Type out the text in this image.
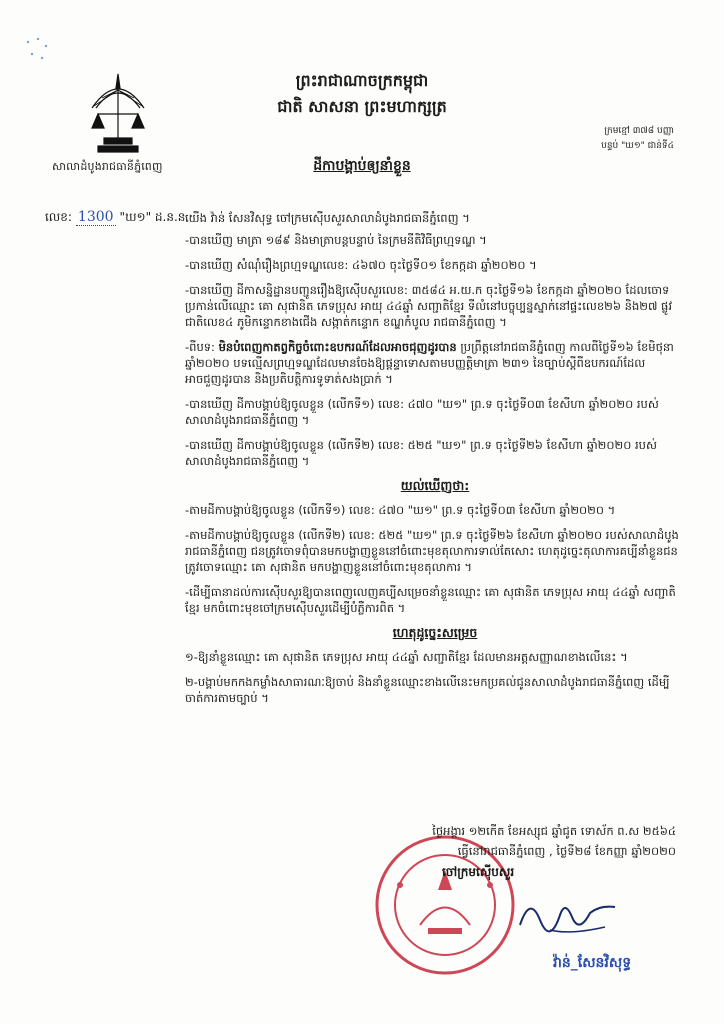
សាលាដំបូងរាជធានីភ្នំពេញ
ព្រះរាជាណាចក្រកម្ពុជា
ជាតិ សាសនា ព្រះមហាក្សត្រ
ក្រមខ្មៅ ៣៧៨ បញ្ញា
បន្ទប់ "ឃ១" ជាន់ទី៤
ដីកាបង្គាប់ឲ្យនាំខ្លួន
លេខ: 1300 "ឃ១" ដ.ន.ន យើង វ៉ាន់ សែនវិសុទ្ធ ចៅក្រមស៊ើបសួរសាលាដំបូងរាជធានីភ្នំពេញ ។

-បានឃើញ មាត្រា ១៨៩ និងមាត្រាបន្តបន្ទាប់ នៃក្រមនីតិវិធីព្រហ្មទណ្ឌ ។

-បានឃើញ សំណុំរឿងព្រហ្មទណ្ឌលេខ: ៤៦៧០ ចុះថ្ងៃទី០១ ខែកក្កដា ឆ្នាំ២០២០ ។

-បានឃើញ ដីកាសន្និដ្ឋានបញ្ជូនរឿងឱ្យស៊ើបសួរលេខ: ៣៥៨៤ អ.យ.ក ចុះថ្ងៃទី១៦ ខែកក្កដា ឆ្នាំ២០២០ ដែលចោទប្រកាន់លើឈ្មោះ គោ សុផានិត ភេទប្រុស អាយុ ៤៤ឆ្នាំ សញ្ជាតិខ្មែរ ទីលំនៅបច្ចុប្បន្នស្នាក់នៅផ្ទះលេខ២៦ និង២៧ ផ្លូវជាតិលេខ៤ ភូមិកន្ទោកខាងជើង សង្កាត់កន្ទោក ខណ្ឌកំបូល រាជធានីភ្នំពេញ ។

-ពីបទ: មិនបំពេញកាតព្វកិច្ចចំពោះឧបករណ៍ដែលអាចជុញដូរបាន ប្រព្រឹត្តនៅរាជធានីភ្នំពេញ កាលពីថ្ងៃទី១៦ ខែមិថុនា ឆ្នាំ២០២០ បទល្មើសព្រហ្មទណ្ឌដែលមានចែងឱ្យផ្តន្ទាទោសតាមបញ្ញត្តិមាត្រា ២៣១ នៃច្បាប់ស្តីពីឧបករណ៍ដែលអាចជួញដូរបាន និងប្រតិបត្តិការទូទាត់សងប្រាក់ ។

-បានឃើញ ដីកាបង្គាប់ឱ្យចូលខ្លួន (លើកទី១) លេខ: ៤៧០ "ឃ១" ព្រ.ទ ចុះថ្ងៃទី០៣ ខែសីហា ឆ្នាំ២០២០ របស់សាលាដំបូងរាជធានីភ្នំពេញ ។

-បានឃើញ ដីកាបង្គាប់ឱ្យចូលខ្លួន (លើកទី២) លេខ: ៥២៥ "ឃ១" ព្រ.ទ ចុះថ្ងៃទី២៦ ខែសីហា ឆ្នាំ២០២០ របស់សាលាដំបូងរាជធានីភ្នំពេញ ។

យល់ឃើញថា:

-តាមដីកាបង្គាប់ឱ្យចូលខ្លួន (លើកទី១) លេខ: ៤៧០ "ឃ១" ព្រ.ទ ចុះថ្ងៃទី០៣ ខែសីហា ឆ្នាំ២០២០ ។

-តាមដីកាបង្គាប់ឱ្យចូលខ្លួន (លើកទី២) លេខ: ៥២៥ "ឃ១" ព្រ.ទ ចុះថ្ងៃទី២៦ ខែសីហា ឆ្នាំ២០២០ របស់សាលាដំបូងរាជធានីភ្នំពេញ ជនត្រូវចោទពុំបានមកបង្ហាញខ្លួននៅចំពោះមុខតុលាការទាល់តែសោះ ហេតុដូច្នេះតុលាការគប្បីនាំខ្លួនជនត្រូវចោទឈ្មោះ គោ សុផានិត មកបង្ហាញខ្លួននៅចំពោះមុខតុលាការ ។

-ដើម្បីធានាដល់ការស៊ើបសួរឱ្យបានពេញលេញគប្បីសម្រេចនាំខ្លួនឈ្មោះ គោ សុផានិត ភេទប្រុស អាយុ ៤៤ឆ្នាំ សញ្ជាតិខ្មែរ មកចំពោះមុខចៅក្រមស៊ើបសួរដើម្បីបំភ្លឺការពិត ។

ហេតុដូច្នេះសម្រេច

១-ឱ្យនាំខ្លួនឈ្មោះ គោ សុផានិត ភេទប្រុស អាយុ ៤៤ឆ្នាំ សញ្ជាតិខ្មែរ ដែលមានអត្តសញ្ញាណខាងលើនេះ ។

២-បង្គាប់មកកងកម្លាំងសាធារណៈឱ្យចាប់ និងនាំខ្លួនឈ្មោះខាងលើនេះមកប្រគល់ជូនសាលាដំបូងរាជធានីភ្នំពេញ ដើម្បីចាត់ការតាមច្បាប់ ។

ថ្ងៃអង្គារ ១២កើត ខែអស្សុជ ឆ្នាំជូត ទោស័ក ព.ស ២៥៦៤
ធ្វើនៅរាជធានីភ្នំពេញ , ថ្ងៃទី២៨ ខែកញ្ញា ឆ្នាំ២០២០
ចៅក្រមស៊ើបសួរ
វ៉ាន់_សែនវិសុទ្ធ
